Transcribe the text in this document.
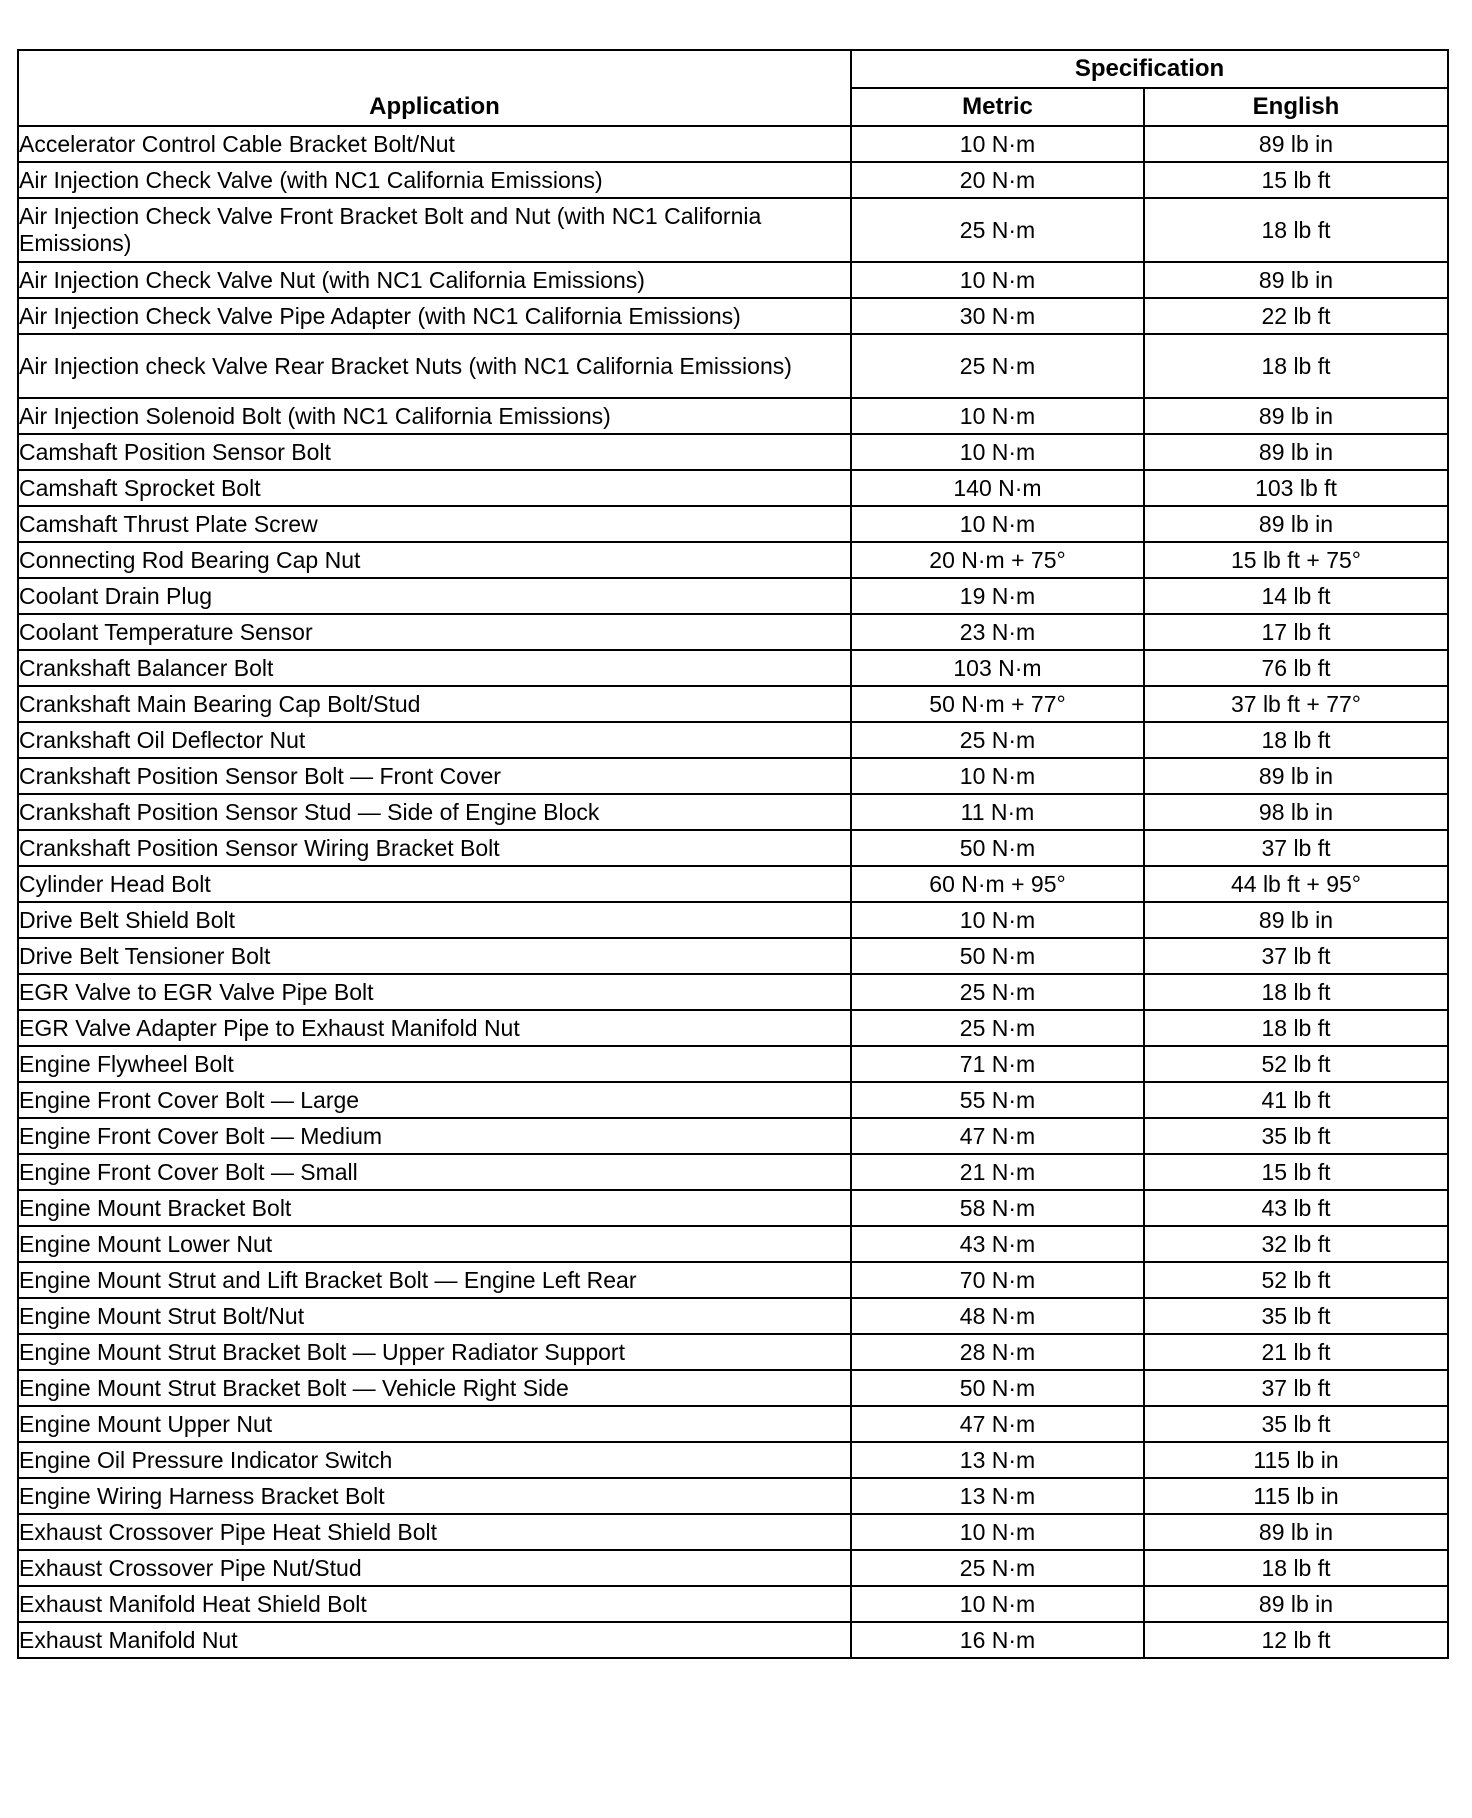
Application	Specification	
	Metric	English
Accelerator Control Cable Bracket Bolt/Nut	10 N·m	89 lb in
Air Injection Check Valve (with NC1 California Emissions)	20 N·m	15 lb ft
Air Injection Check Valve Front Bracket Bolt and Nut (with NC1 California Emissions)	25 N·m	18 lb ft
Air Injection Check Valve Nut (with NC1 California Emissions)	10 N·m	89 lb in
Air Injection Check Valve Pipe Adapter (with NC1 California Emissions)	30 N·m	22 lb ft
Air Injection check Valve Rear Bracket Nuts (with NC1 California Emissions)	25 N·m	18 lb ft
Air Injection Solenoid Bolt (with NC1 California Emissions)	10 N·m	89 lb in
Camshaft Position Sensor Bolt	10 N·m	89 lb in
Camshaft Sprocket Bolt	140 N·m	103 lb ft
Camshaft Thrust Plate Screw	10 N·m	89 lb in
Connecting Rod Bearing Cap Nut	20 N·m + 75°	15 lb ft + 75°
Coolant Drain Plug	19 N·m	14 lb ft
Coolant Temperature Sensor	23 N·m	17 lb ft
Crankshaft Balancer Bolt	103 N·m	76 lb ft
Crankshaft Main Bearing Cap Bolt/Stud	50 N·m + 77°	37 lb ft + 77°
Crankshaft Oil Deflector Nut	25 N·m	18 lb ft
Crankshaft Position Sensor Bolt — Front Cover	10 N·m	89 lb in
Crankshaft Position Sensor Stud — Side of Engine Block	11 N·m	98 lb in
Crankshaft Position Sensor Wiring Bracket Bolt	50 N·m	37 lb ft
Cylinder Head Bolt	60 N·m + 95°	44 lb ft + 95°
Drive Belt Shield Bolt	10 N·m	89 lb in
Drive Belt Tensioner Bolt	50 N·m	37 lb ft
EGR Valve to EGR Valve Pipe Bolt	25 N·m	18 lb ft
EGR Valve Adapter Pipe to Exhaust Manifold Nut	25 N·m	18 lb ft
Engine Flywheel Bolt	71 N·m	52 lb ft
Engine Front Cover Bolt — Large	55 N·m	41 lb ft
Engine Front Cover Bolt — Medium	47 N·m	35 lb ft
Engine Front Cover Bolt — Small	21 N·m	15 lb ft
Engine Mount Bracket Bolt	58 N·m	43 lb ft
Engine Mount Lower Nut	43 N·m	32 lb ft
Engine Mount Strut and Lift Bracket Bolt — Engine Left Rear	70 N·m	52 lb ft
Engine Mount Strut Bolt/Nut	48 N·m	35 lb ft
Engine Mount Strut Bracket Bolt — Upper Radiator Support	28 N·m	21 lb ft
Engine Mount Strut Bracket Bolt — Vehicle Right Side	50 N·m	37 lb ft
Engine Mount Upper Nut	47 N·m	35 lb ft
Engine Oil Pressure Indicator Switch	13 N·m	115 lb in
Engine Wiring Harness Bracket Bolt	13 N·m	115 lb in
Exhaust Crossover Pipe Heat Shield Bolt	10 N·m	89 lb in
Exhaust Crossover Pipe Nut/Stud	25 N·m	18 lb ft
Exhaust Manifold Heat Shield Bolt	10 N·m	89 lb in
Exhaust Manifold Nut	16 N·m	12 lb ft
